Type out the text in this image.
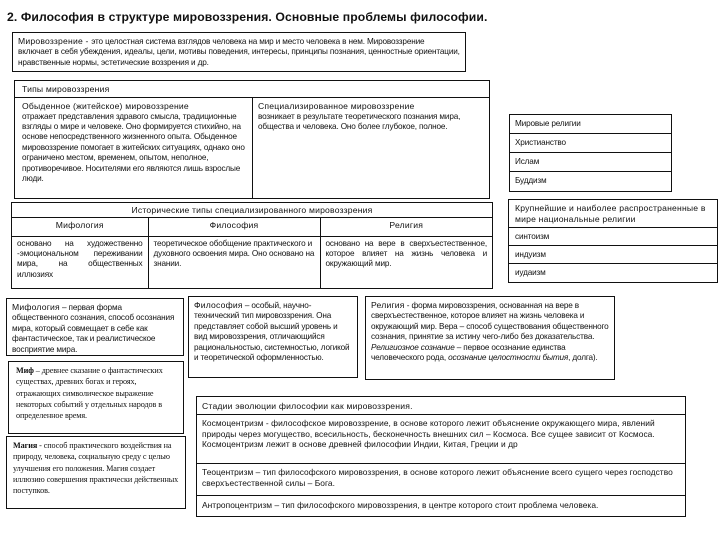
2. Философия в структуре мировоззрения. Основные проблемы философии.
Мировоззрение - это целостная система взглядов человека на мир и место человека в нем. Мировоззрение включает в себя убеждения, идеалы, цели, мотивы поведения, интересы, принципы познания, ценностные ориентации, нравственные нормы, эстетические воззрения и др.
Типы мировоззрения
Обыденное (житейское) мировоззрение
отражает представления здравого смысла, традиционные взгляды о мире и человеке. Оно формируется стихийно, на основе непосредственного жизненного опыта. Обыденное мировоззрение помогает в житейских ситуациях, однако оно ограничено местом, временем, опытом, неполное, противоречивое. Носителями его являются лишь взрослые люди.
Специализированное мировоззрение
возникает в результате теоретического познания мира, общества и человека. Оно более глубокое, полное.
Исторические типы специализированного мировоззрения
Мифология	Философия	Религия
основано на художественно -эмоциональном переживании мира, на общественных иллюзиях	теоретическое обобщение практического и духовного освоения мира. Оно основано на знании.	основано на вере в сверхъестественное, которое влияет на жизнь человека и окружающий мир.
Мировые религии
Христианство
Ислам
Буддизм
Крупнейшие и наиболее распространенные в мире национальные религии
синтоизм
индуизм
иудаизм
Мифология – первая форма общественного сознания, способ осознания мира, который совмещает в себе как фантастическое, так и реалистическое восприятие мира.
Миф – древнее сказание о фантастических существах, древних богах и героях, отражающих символическое выражение некоторых событий у отдельных народов в определенное время.
Магия - способ практического воздействия на природу, человека, социальную среду с целью улучшения его положения. Магия создает иллюзию совершения практически действенных поступков.
Философия – особый, научно-технический тип мировоззрения. Она представляет собой высший уровень и вид мировоззрения, отличающийся рациональностью, системностью, логикой и теоретической оформленностью.
Религия - форма мировоззрения, основанная на вере в сверхъестественное, которое влияет на жизнь человека и окружающий мир. Вера – способ существования общественного сознания, принятие за истину чего-либо без доказательства. Религиозное сознание – первое осознание единства человеческого рода, осознание целостности бытия, долга).
Стадии эволюции философии как мировоззрения.
Космоцентризм - философское мировоззрение, в основе которого лежит объяснение окружающего мира, явлений природы через могущество, всесильность, бесконечность внешних сил – Космоса. Все сущее зависит от Космоса. Космоцентризм лежит в основе древней философии Индии, Китая, Греции и др
Теоцентризм – тип философского мировоззрения, в основе которого лежит объяснение всего сущего через господство сверхъестественной силы – Бога.
Антропоцентризм – тип философского мировоззрения, в центре которого стоит проблема человека.
